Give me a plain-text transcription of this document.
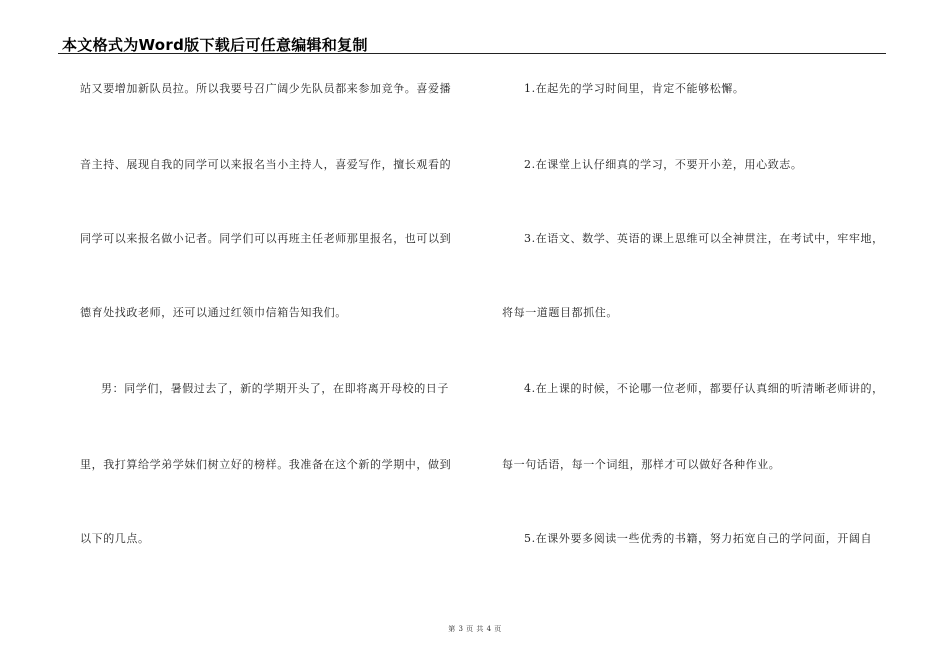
本文格式为Word版下载后可任意编辑和复制
站又要增加新队员拉。所以我要号召广阔少先队员都来参加竞争。喜爱播
音主持、展现自我的同学可以来报名当小主持人，喜爱写作，擅长观看的
同学可以来报名做小记者。同学们可以再班主任老师那里报名，也可以到
德育处找政老师，还可以通过红领巾信箱告知我们。
男：同学们，暑假过去了，新的学期开头了，在即将离开母校的日子
里，我打算给学弟学妹们树立好的榜样。我准备在这个新的学期中，做到
以下的几点。
1.在起先的学习时间里，肯定不能够松懈。
2.在课堂上认仔细真的学习，不要开小差，用心致志。
3.在语文、数学、英语的课上思维可以全神贯注，在考试中，牢牢地，
将每一道题目都抓住。
4.在上课的时候，不论哪一位老师，都要仔认真细的听清晰老师讲的，
每一句话语，每一个词组，那样才可以做好各种作业。
5.在课外要多阅读一些优秀的书籍，努力拓宽自己的学问面，开阔自
第 3 页 共 4 页
